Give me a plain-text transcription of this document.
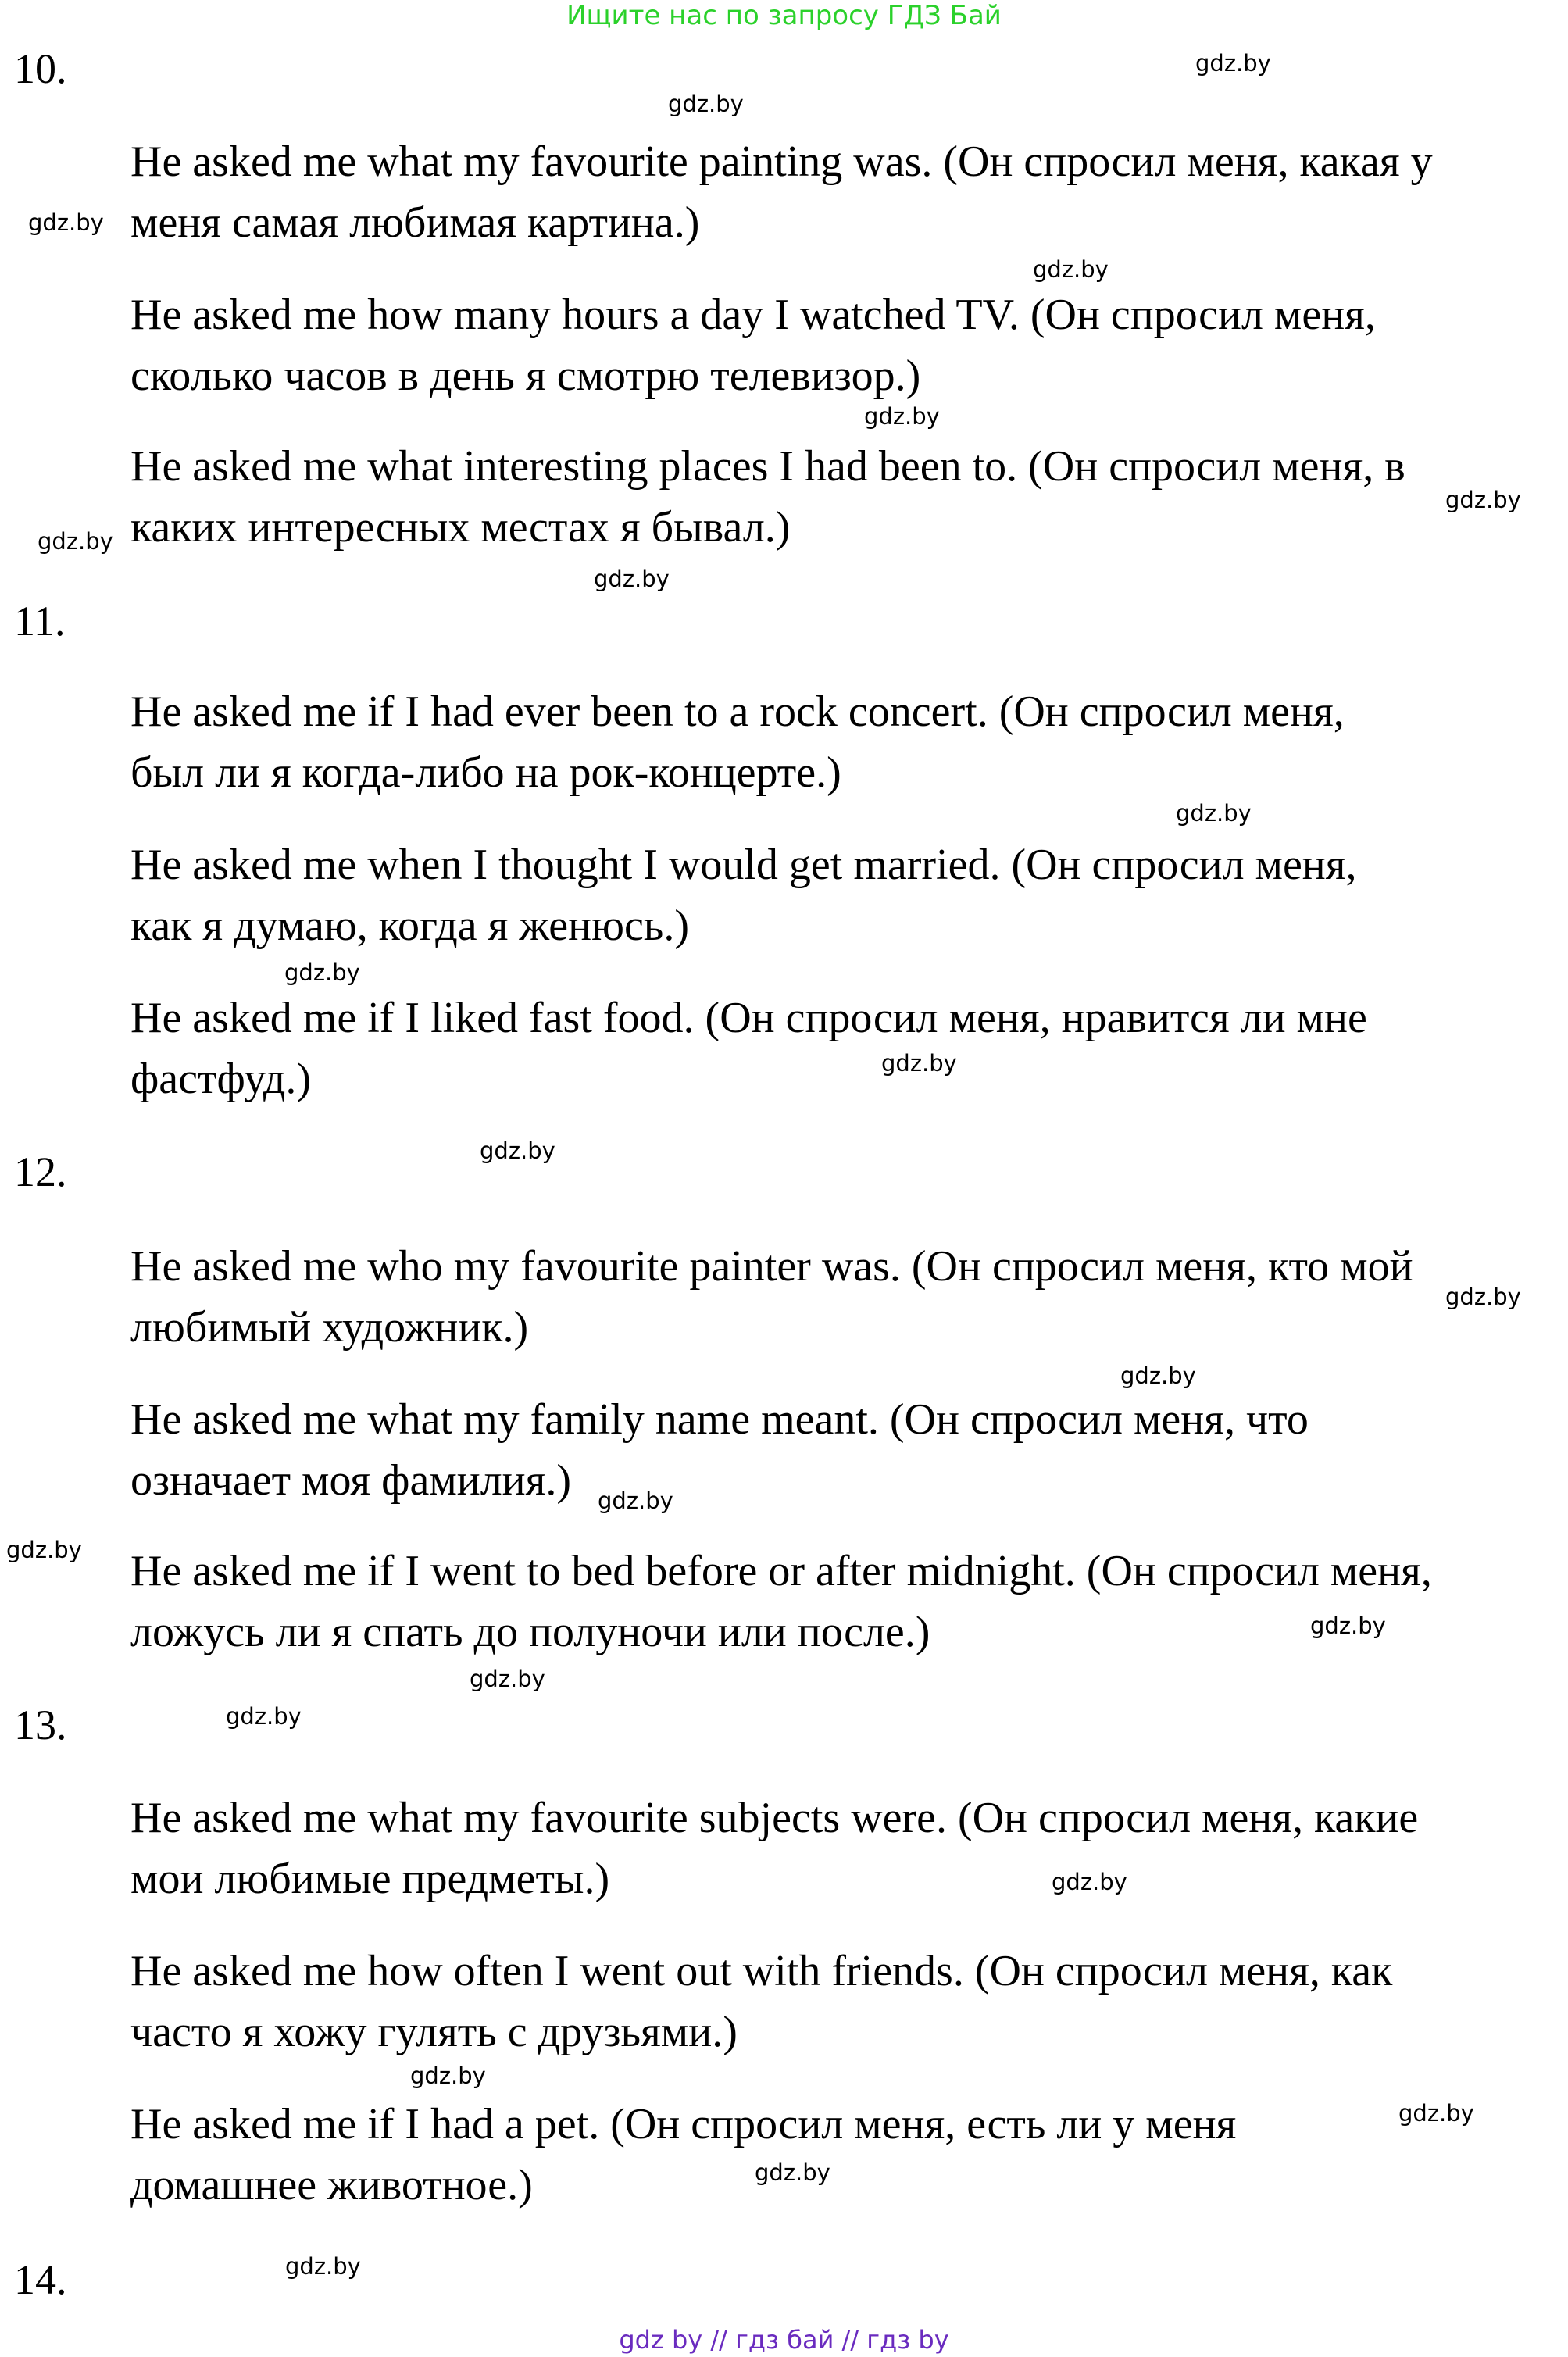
Ищите нас по запросу ГДЗ Бай
10.

He asked me what my favourite painting was. (Он спросил меня, какая у
меня самая любимая картина.)

He asked me how many hours a day I watched TV. (Он спросил меня,
сколько часов в день я смотрю телевизор.)

He asked me what interesting places I had been to. (Он спросил меня, в
каких интересных местах я бывал.)

11.

He asked me if I had ever been to a rock concert. (Он спросил меня,
был ли я когда-либо на рок-концерте.)

He asked me when I thought I would get married. (Он спросил меня,
как я думаю, когда я женюсь.)

He asked me if I liked fast food. (Он спросил меня, нравится ли мне
фастфуд.)

12.

He asked me who my favourite painter was. (Он спросил меня, кто мой
любимый художник.)

He asked me what my family name meant. (Он спросил меня, что
означает моя фамилия.)

He asked me if I went to bed before or after midnight. (Он спросил меня,
ложусь ли я спать до полуночи или после.)

13.

He asked me what my favourite subjects were. (Он спросил меня, какие
мои любимые предметы.)

He asked me how often I went out with friends. (Он спросил меня, как
часто я хожу гулять с друзьями.)

He asked me if I had a pet. (Он спросил меня, есть ли у меня
домашнее животное.)

14.
gdz.by
gdz.by
gdz.by
gdz.by
gdz.by
gdz.by
gdz.by
gdz.by
gdz.by
gdz.by
gdz.by
gdz.by
gdz.by
gdz.by
gdz.by
gdz.by
gdz.by
gdz.by
gdz.by
gdz.by
gdz.by
gdz.by
gdz.by
gdz.by
gdz by // гдз бай // гдз by
